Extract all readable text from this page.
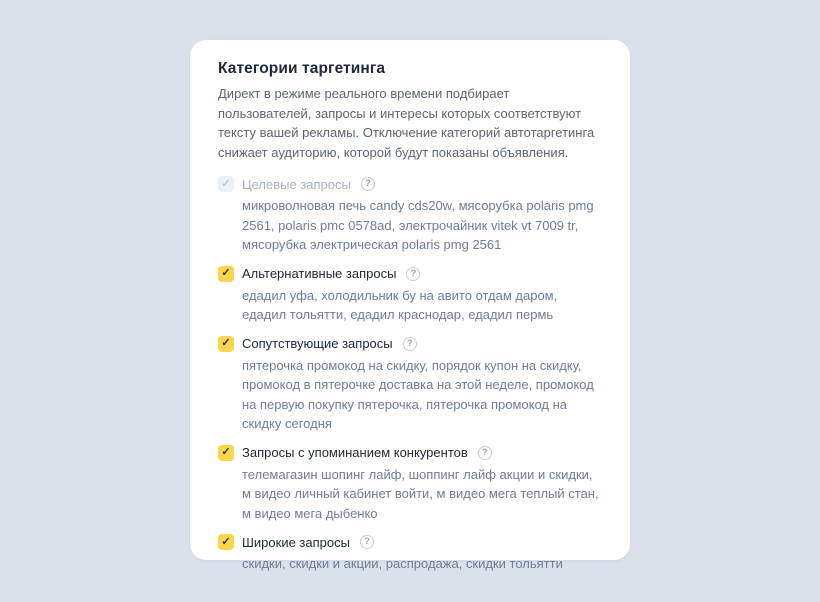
Категории таргетинга

Директ в режиме реального времени подбирает пользователей, запросы и интересы которых соответствуют тексту вашей рекламы. Отключение категорий автотаргетинга снижает аудиторию, которой будут показаны объявления.

✓ Целевые запросы	?
микроволновая печь candy cds20w, мясорубка polaris pmg 2561, polaris pmc 0578ad, электрочайник vitek vt 7009 tr, мясорубка электрическая polaris pmg 2561
✓ Альтернативные запросы	?
едадил уфа, холодильник бу на авито отдам даром, едадил тольятти, едадил краснодар, едадил пермь
✓ Сопутствующие запросы	?
пятерочка промокод на скидку, порядок купон на скидку, промокод в пятерочке доставка на этой неделе, промокод на первую покупку пятерочка, пятерочка промокод на скидку сегодня
✓ Запросы с упоминанием конкурентов	?
телемагазин шопинг лайф, шоппинг лайф акции и скидки, м видео личный кабинет войти, м видео мега теплый стан, м видео мега дыбенко
✓ Широкие запросы	?
скидки, скидки и акции, распродажа, скидки тольятти
